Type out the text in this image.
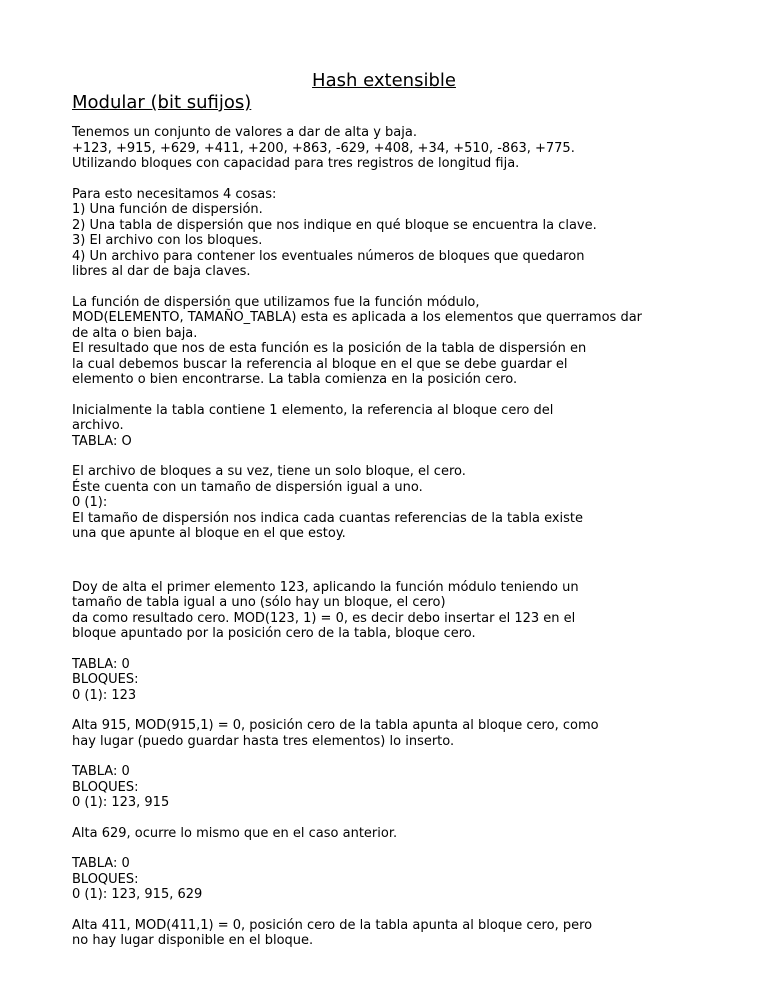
Hash extensible
Modular (bit sufijos)

Tenemos un conjunto de valores a dar de alta y baja.
+123, +915, +629, +411, +200, +863, -629, +408, +34, +510, -863, +775.
Utilizando bloques con capacidad para tres registros de longitud fija.

Para esto necesitamos 4 cosas:
1) Una función de dispersión.
2) Una tabla de dispersión que nos indique en qué bloque se encuentra la clave.
3) El archivo con los bloques.
4) Un archivo para contener los eventuales números de bloques que quedaron
libres al dar de baja claves.

La función de dispersión que utilizamos fue la función módulo,
MOD(ELEMENTO, TAMAÑO_TABLA) esta es aplicada a los elementos que querramos dar
de alta o bien baja.
El resultado que nos de esta función es la posición de la tabla de dispersión en
la cual debemos buscar la referencia al bloque en el que se debe guardar el
elemento o bien encontrarse. La tabla comienza en la posición cero.

Inicialmente la tabla contiene 1 elemento, la referencia al bloque cero del
archivo.
TABLA: O

El archivo de bloques a su vez, tiene un solo bloque, el cero.
Éste cuenta con un tamaño de dispersión igual a uno.
0 (1):
El tamaño de dispersión nos indica cada cuantas referencias de la tabla existe
una que apunte al bloque en el que estoy.

Doy de alta el primer elemento 123, aplicando la función módulo teniendo un
tamaño de tabla igual a uno (sólo hay un bloque, el cero)
da como resultado cero. MOD(123, 1) = 0, es decir debo insertar el 123 en el
bloque apuntado por la posición cero de la tabla, bloque cero.

TABLA: 0
BLOQUES:
0 (1): 123

Alta 915, MOD(915,1) = 0, posición cero de la tabla apunta al bloque cero, como
hay lugar (puedo guardar hasta tres elementos) lo inserto.

TABLA: 0
BLOQUES:
0 (1): 123, 915

Alta 629, ocurre lo mismo que en el caso anterior.

TABLA: 0
BLOQUES:
0 (1): 123, 915, 629

Alta 411, MOD(411,1) = 0, posición cero de la tabla apunta al bloque cero, pero
no hay lugar disponible en el bloque.
